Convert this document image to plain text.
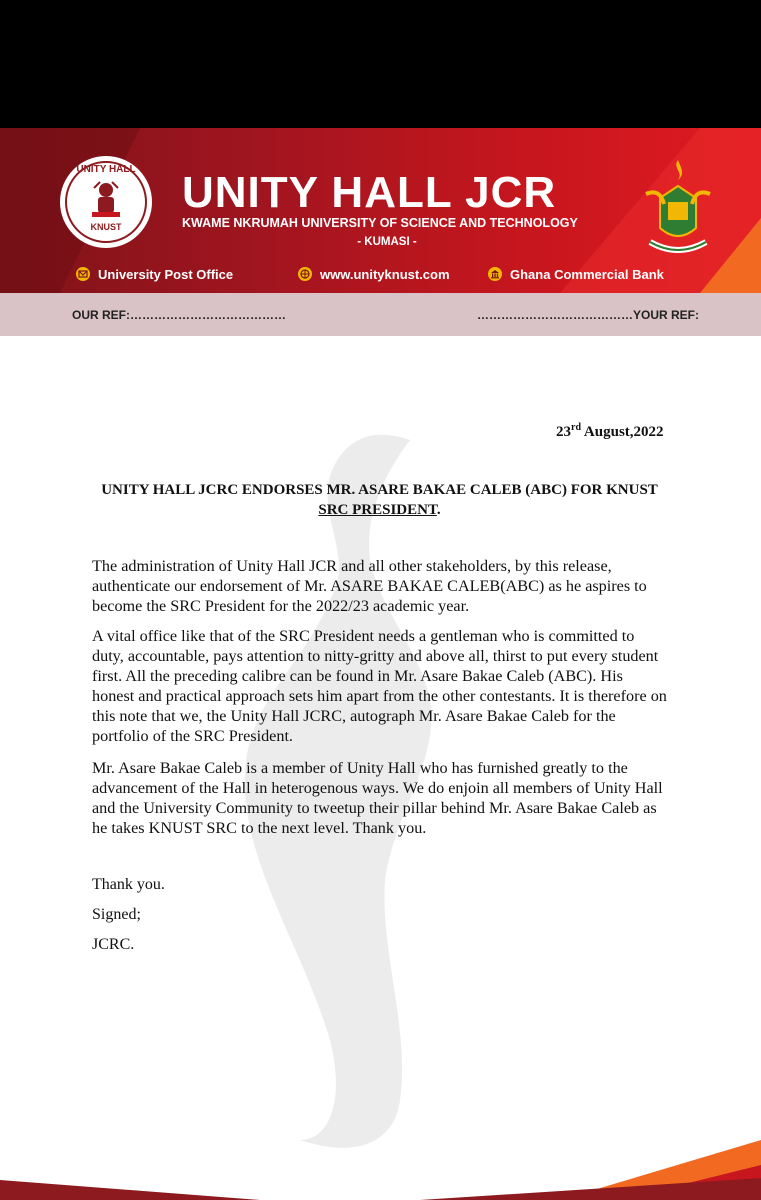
UNITY HALL
KNUST
UNITY HALL JCR
KWAME NKRUMAH UNIVERSITY OF SCIENCE AND TECHNOLOGY
- KUMASI -
University Post Office	www.unityknust.com	Ghana Commercial Bank
OUR REF:…………………………………	…………………………………YOUR REF:
23rd August,2022
UNITY HALL JCRC ENDORSES MR. ASARE BAKAE CALEB (ABC) FOR KNUST
SRC PRESIDENT.
The administration of Unity Hall JCR and all other stakeholders, by this release, authenticate our endorsement of Mr. ASARE BAKAE CALEB(ABC) as he aspires to become the SRC President for the 2022/23 academic year.
A vital office like that of the SRC President needs a gentleman who is committed to duty, accountable, pays attention to nitty-gritty and above all, thirst to put every student first. All the preceding calibre can be found in Mr. Asare Bakae Caleb (ABC). His honest and practical approach sets him apart from the other contestants. It is therefore on this note that we, the Unity Hall JCRC, autograph Mr. Asare Bakae Caleb for the portfolio of the SRC President.
Mr. Asare Bakae Caleb is a member of Unity Hall who has furnished greatly to the advancement of the Hall in heterogenous ways. We do enjoin all members of Unity Hall and the University Community to tweetup their pillar behind Mr. Asare Bakae Caleb as he takes KNUST SRC to the next level. Thank you.
Thank you.
Signed;
JCRC.
